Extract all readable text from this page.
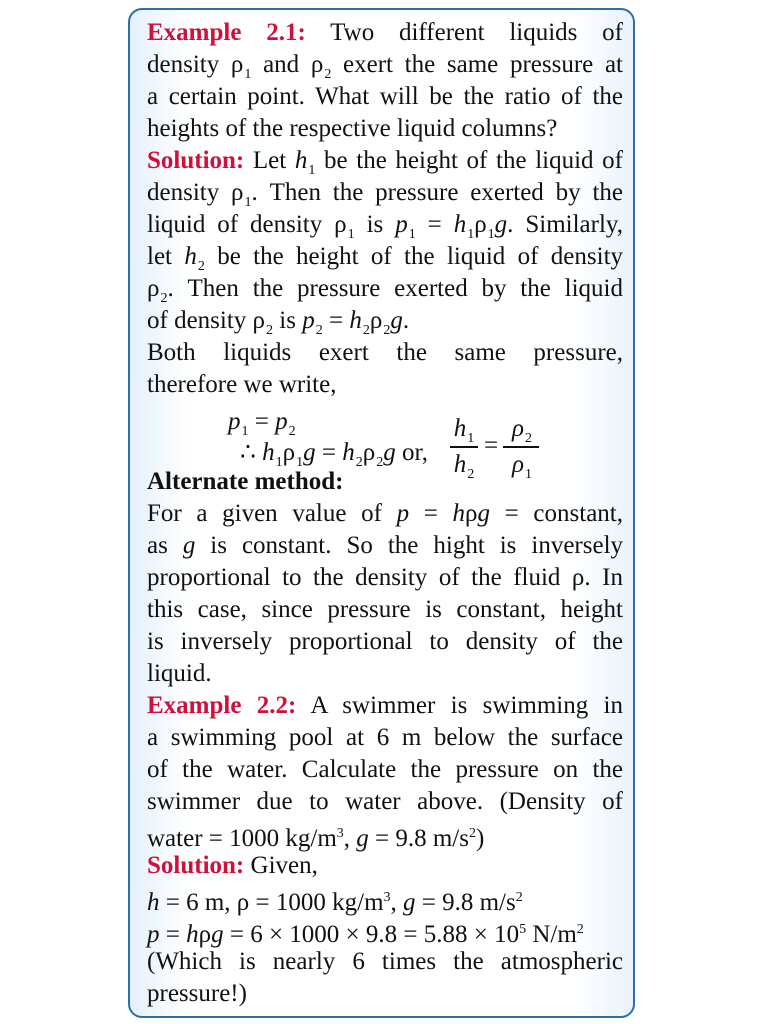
Example 2.1: Two different liquids of
density $\rho_1$ and $\rho_2$ exert the same pressure at
a certain point. What will be the ratio of the
heights of the respective liquid columns?
Solution: Let $h_1$ be the height of the liquid of
density $\rho_1$. Then the pressure exerted by the
liquid of density $\rho_1$ is $p_1 = h_1\rho_1g$. Similarly,
let $h_2$ be the height of the liquid of density
$\rho_2$. Then the pressure exerted by the liquid
of density $\rho_2$ is $p_2 = h_2\rho_2g$.
Both liquids exert the same pressure,
therefore we write,
$p_1 = p_2$
∴ $h_1\rho_1g = h_2\rho_2g$ or,
$h_1$
$h_2$
=
$\rho_2$
$\rho_1$
Alternate method:
For a given value of p = hρg = constant,
as g is constant. So the hight is inversely
proportional to the density of the fluid ρ. In
this case, since pressure is constant, height
is inversely proportional to density of the
liquid.
Example 2.2: A swimmer is swimming in
a swimming pool at 6 m below the surface
of the water. Calculate the pressure on the
swimmer due to water above. (Density of
water = 1000 $kg/m^3$, g = 9.8 $m/s^2$)
Solution: Given,
h = 6 m, ρ = 1000 $kg/m^3$, g = 9.8 $m/s^2$
$p = h\rho g = 6 \times 1000 \times 9.8 = 5.88 \times 10^5$ $N/m^2$
(Which is nearly 6 times the atmospheric
pressure!)
